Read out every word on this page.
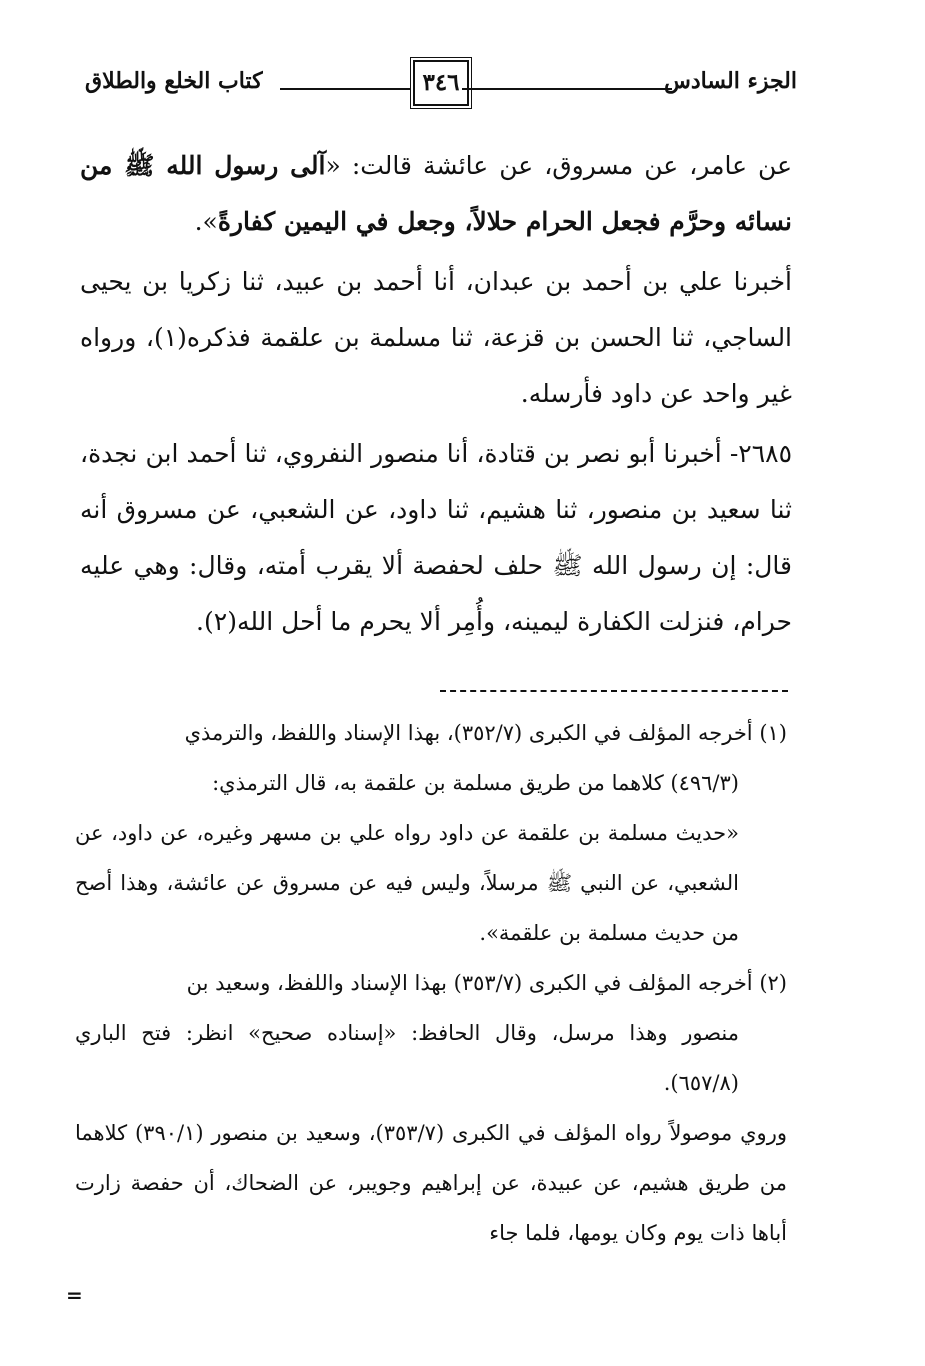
الجزء السادس
٣٤٦
كتاب الخلع والطلاق

عن عامر، عن مسروق، عن عائشة قالت: «آلى رسول الله ﷺ من نسائه وحرَّم فجعل الحرام حلالاً، وجعل في اليمين كفارةً».

أخبرنا علي بن أحمد بن عبدان، أنا أحمد بن عبيد، ثنا زكريا بن يحيى الساجي، ثنا الحسن بن قزعة، ثنا مسلمة بن علقمة فذكره(١)، ورواه غير واحد عن داود فأرسله.

٢٦٨٥- أخبرنا أبو نصر بن قتادة، أنا منصور النفروي، ثنا أحمد ابن نجدة، ثنا سعيد بن منصور، ثنا هشيم، ثنا داود، عن الشعبي، عن مسروق أنه قال: إن رسول الله ﷺ حلف لحفصة ألا يقرب أمته، وقال: وهي عليه حرام، فنزلت الكفارة ليمينه، وأُمِر ألا يحرم ما أحل الله(٢).

(١) أخرجه المؤلف في الكبرى (٣٥٢/٧)، بهذا الإسناد واللفظ، والترمذي

(٤٩٦/٣) كلاهما من طريق مسلمة بن علقمة به، قال الترمذي:

«حديث مسلمة بن علقمة عن داود رواه علي بن مسهر وغيره، عن داود، عن الشعبي، عن النبي ﷺ مرسلاً، وليس فيه عن مسروق عن عائشة، وهذا أصح من حديث مسلمة بن علقمة».

(٢) أخرجه المؤلف في الكبرى (٣٥٣/٧) بهذا الإسناد واللفظ، وسعيد بن

منصور وهذا مرسل، وقال الحافظ: «إسناده صحيح» انظر: فتح الباري (٦٥٧/٨).

وروي موصولاً رواه المؤلف في الكبرى (٣٥٣/٧)، وسعيد بن منصور (٣٩٠/١) كلاهما من طريق هشيم، عن عبيدة، عن إبراهيم وجويبر، عن الضحاك، أن حفصة زارت أباها ذات يوم وكان يومها، فلما جاء

=
